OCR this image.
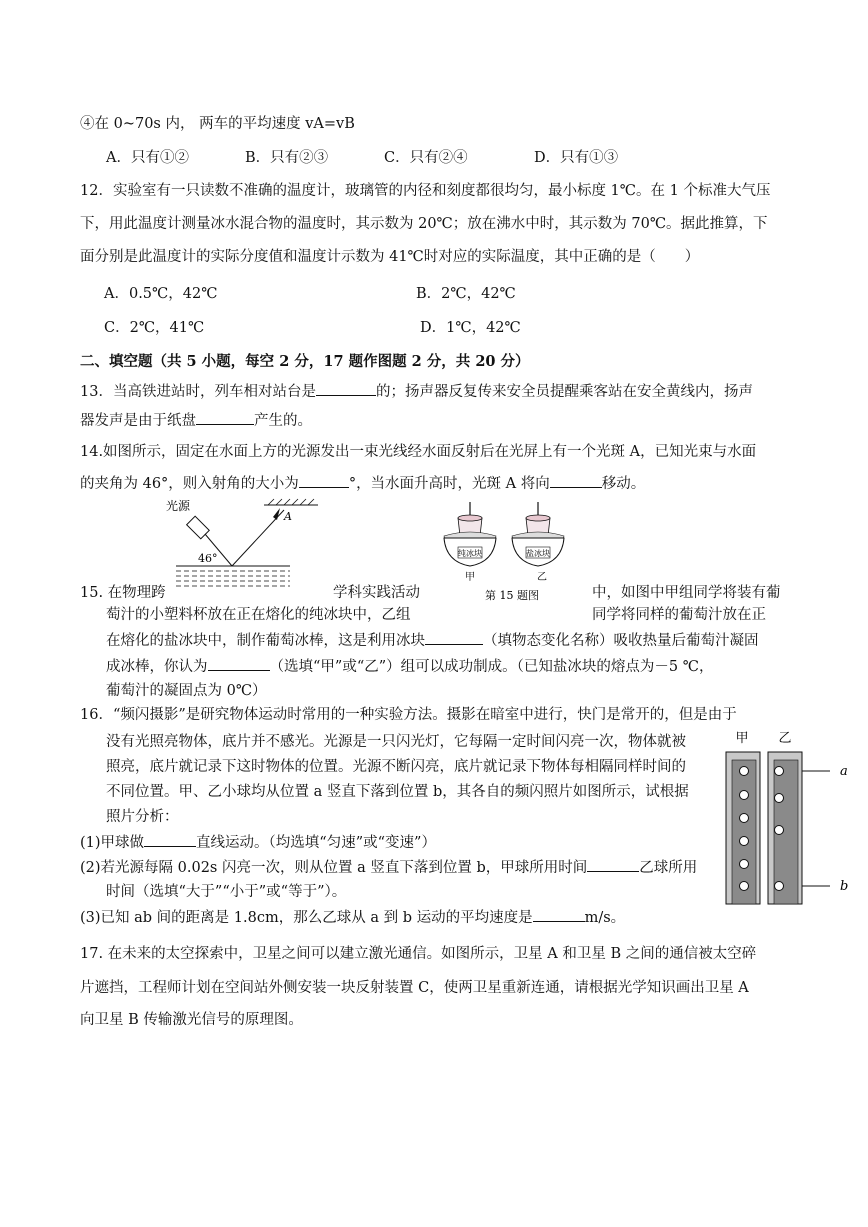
④在 0~70s 内， 两车的平均速度 vA=vB
A．只有①②	B．只有②③	C．只有②④	D．只有①③
12．实验室有一只读数不准确的温度计，玻璃管的内径和刻度都很均匀，最小标度 1℃。在 1 个标准大气压
下，用此温度计测量冰水混合物的温度时，其示数为 20℃；放在沸水中时，其示数为 70℃。据此推算，下
面分别是此温度计的实际分度值和温度计示数为 41℃时对应的实际温度，其中正确的是（　　）
A．0.5℃，42℃	B．2℃，42℃
C．2℃，41℃	D．1℃，42℃
二、填空题（共 5 小题，每空 2 分，17 题作图题 2 分，共 20 分）
13．当高铁进站时，列车相对站台是	的；扬声器反复传来安全员提醒乘客站在安全黄线内，扬声
器发声是由于纸盘	产生的。
14.如图所示，固定在水面上方的光源发出一束光线经水面反射后在光屏上有一个光斑 A，已知光束与水面
的夹角为 46°，则入射角的大小为	°，当水面升高时，光斑 A 将向	移动。
光源
A
46°	纯冰块	盐冰块
甲	乙
第 15 题图
15. 在物理跨	学科实践活动	中，如图中甲组同学将装有葡
萄汁的小塑料杯放在正在熔化的纯冰块中，乙组	同学将同样的葡萄汁放在正
在熔化的盐冰块中，制作葡萄冰棒，这是利用冰块	（填物态变化名称）吸收热量后葡萄汁凝固
成冰棒，你认为	（选填“甲”或“乙”）组可以成功制成。（已知盐冰块的熔点为－5 ℃，
葡萄汁的凝固点为 0℃）
16．“频闪摄影”是研究物体运动时常用的一种实验方法。摄影在暗室中进行，快门是常开的，但是由于
没有光照亮物体，底片并不感光。光源是一只闪光灯，它每隔一定时间闪亮一次，物体就被
照亮，底片就记录下这时物体的位置。光源不断闪亮，底片就记录下物体每相隔同样时间的
不同位置。甲、乙小球均从位置 a 竖直下落到位置 b，其各自的频闪照片如图所示，试根据
照片分析：
(1)甲球做	直线运动。（均选填“匀速”或“变速”）
(2)若光源每隔 0.02s 闪亮一次，则从位置 a 竖直下落到位置 b，甲球所用时间	乙球所用
时间（选填“大于”“小于”或“等于”）。
(3)已知 ab 间的距离是 1.8cm，那么乙球从 a 到 b 运动的平均速度是	m/s。
甲 乙
a
b
17. 在未来的太空探索中，卫星之间可以建立激光通信。如图所示，卫星 A 和卫星 B 之间的通信被太空碎
片遮挡，工程师计划在空间站外侧安装一块反射装置 C，使两卫星重新连通，请根据光学知识画出卫星 A
向卫星 B 传输激光信号的原理图。
